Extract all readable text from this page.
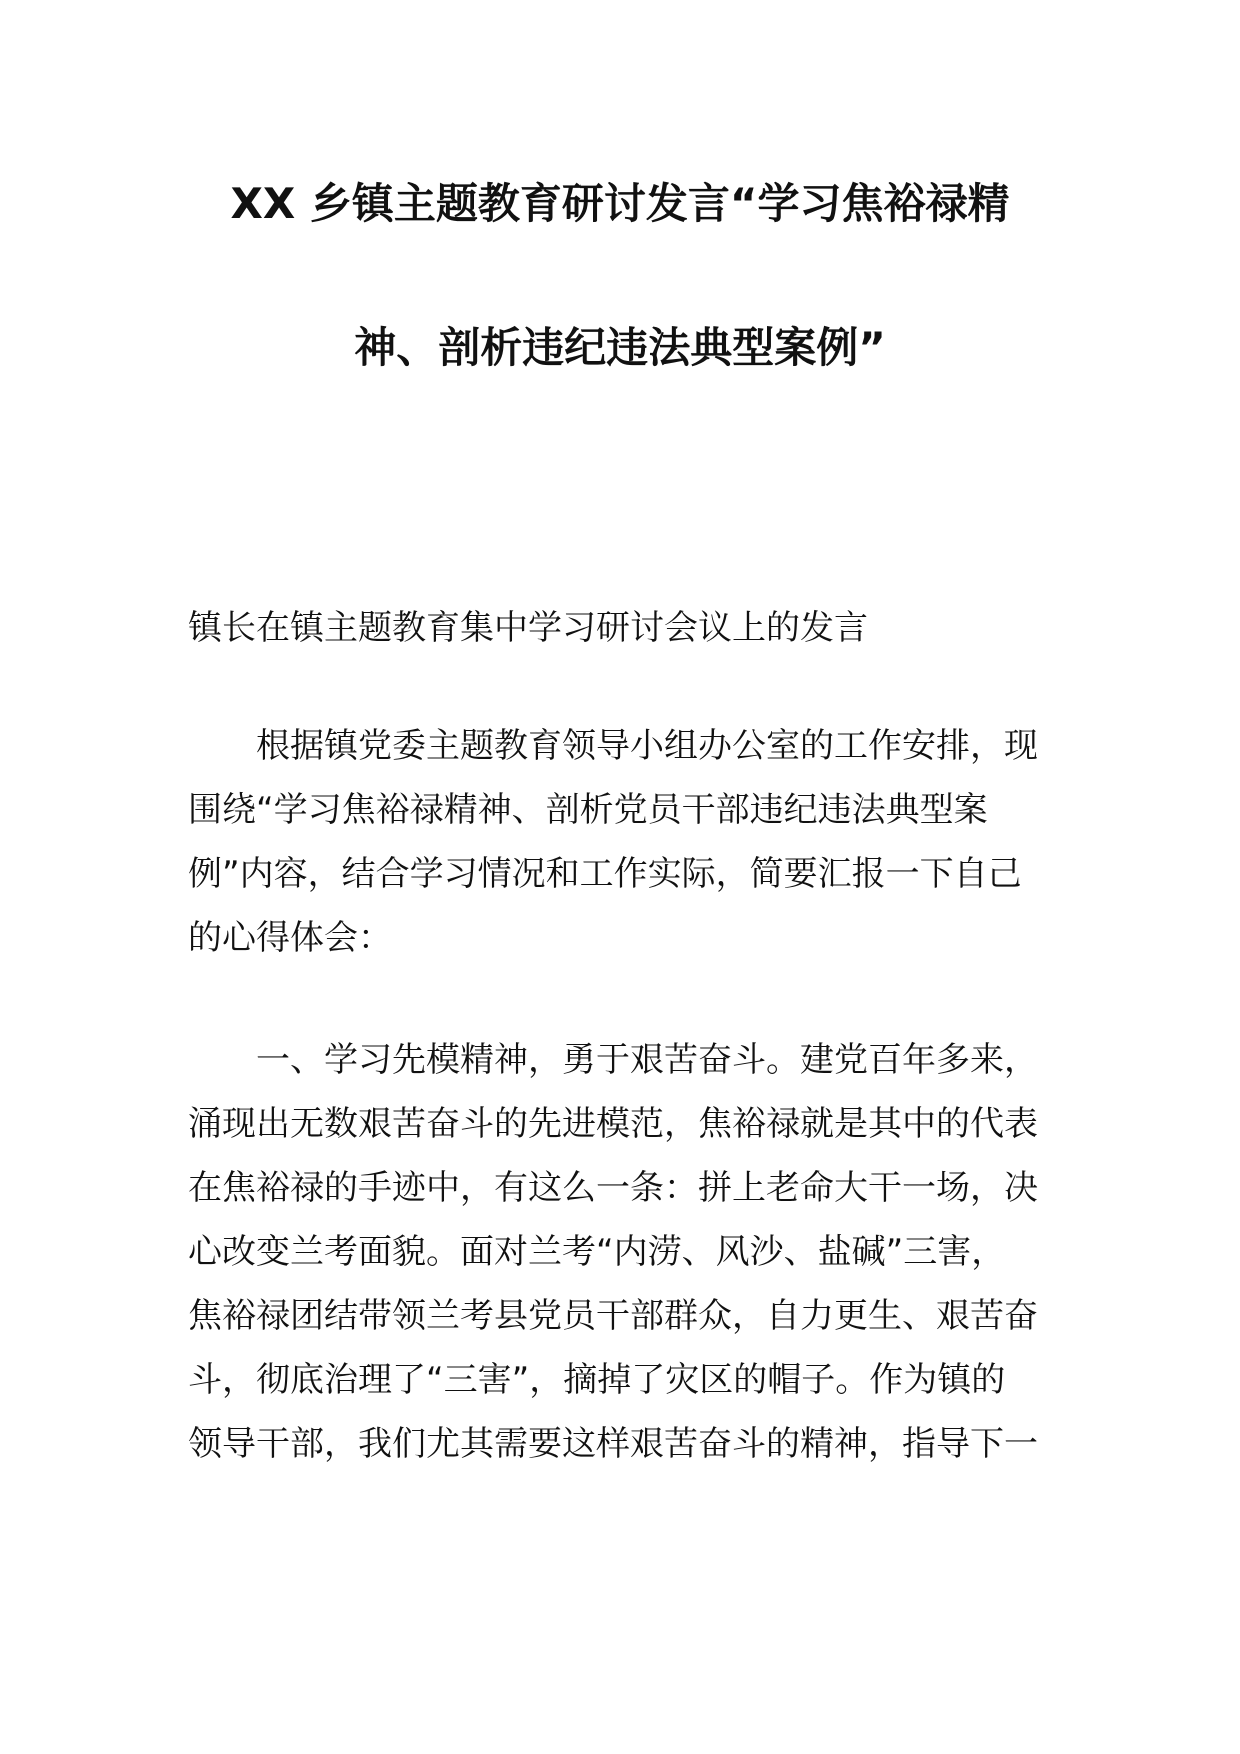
XX 乡镇主题教育研讨发言“学习焦裕禄精
神、剖析违纪违法典型案例”
镇长在镇主题教育集中学习研讨会议上的发言
根据镇党委主题教育领导小组办公室的工作安排，现
围绕“学习焦裕禄精神、剖析党员干部违纪违法典型案
例”内容，结合学习情况和工作实际，简要汇报一下自己
的心得体会：
一、学习先模精神，勇于艰苦奋斗。建党百年多来，
涌现出无数艰苦奋斗的先进模范，焦裕禄就是其中的代表
在焦裕禄的手迹中，有这么一条：拼上老命大干一场，决
心改变兰考面貌。面对兰考“内涝、风沙、盐碱”三害，
焦裕禄团结带领兰考县党员干部群众，自力更生、艰苦奋
斗，彻底治理了“三害”，摘掉了灾区的帽子。作为镇的
领导干部，我们尤其需要这样艰苦奋斗的精神，指导下一
